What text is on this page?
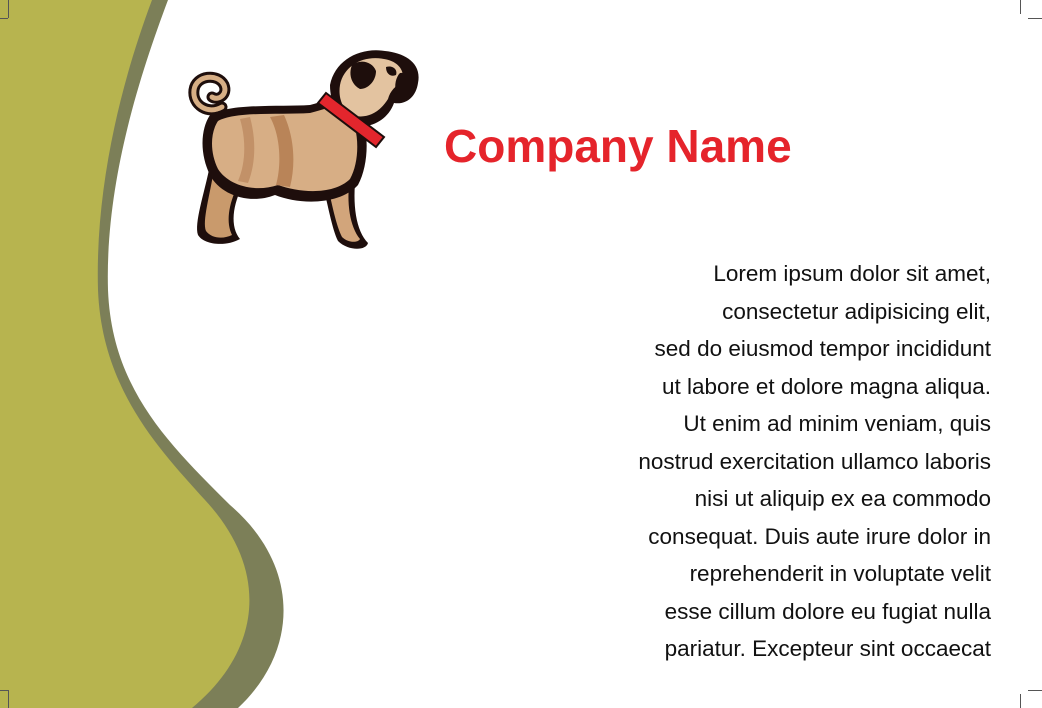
Company Name
Lorem ipsum dolor sit amet,
consectetur adipisicing elit,
sed do eiusmod tempor incididunt
ut labore et dolore magna aliqua.
Ut enim ad minim veniam, quis
nostrud exercitation ullamco laboris
nisi ut aliquip ex ea commodo
consequat. Duis aute irure dolor in
reprehenderit in voluptate velit
esse cillum dolore eu fugiat nulla
pariatur. Excepteur sint occaecat
